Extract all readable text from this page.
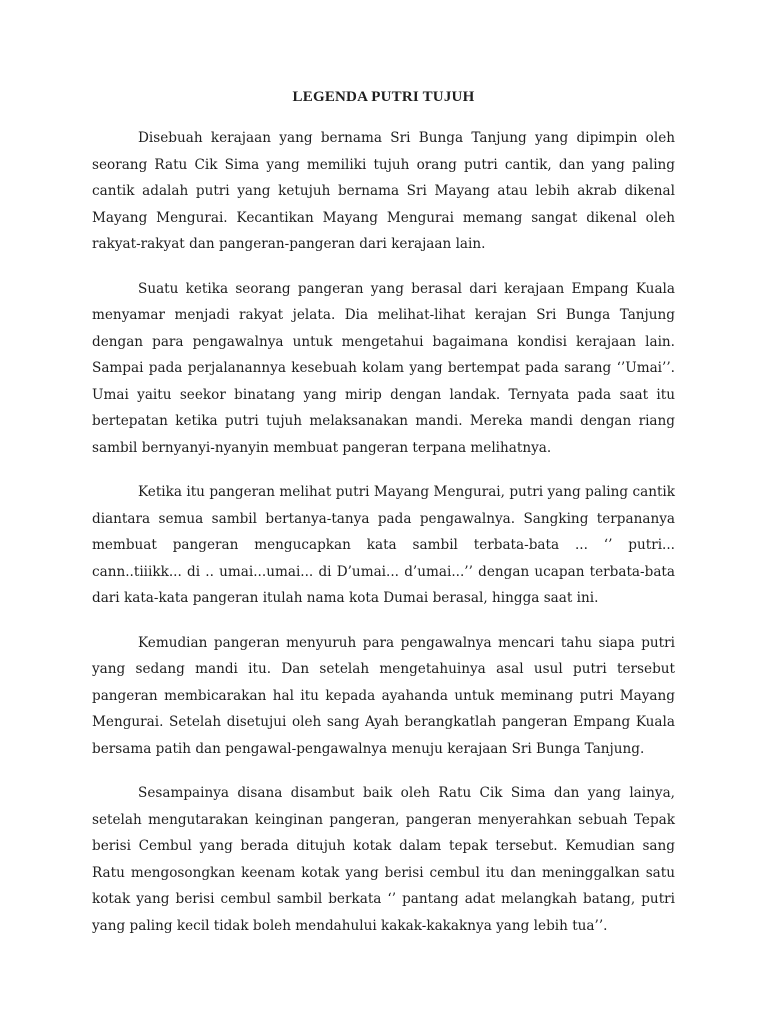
LEGENDA PUTRI TUJUH

Disebuah kerajaan yang bernama Sri Bunga Tanjung yang dipimpin oleh seorang Ratu Cik Sima yang memiliki tujuh orang putri cantik, dan yang paling cantik adalah putri yang ketujuh bernama Sri Mayang atau lebih akrab dikenal Mayang Mengurai. Kecantikan Mayang Mengurai memang sangat dikenal oleh rakyat-rakyat dan pangeran-pangeran dari kerajaan lain.

Suatu ketika seorang pangeran yang berasal dari kerajaan Empang Kuala menyamar menjadi rakyat jelata. Dia melihat-lihat kerajan Sri Bunga Tanjung dengan para pengawalnya untuk mengetahui bagaimana kondisi kerajaan lain. Sampai pada perjalanannya kesebuah kolam yang bertempat pada sarang ‘’Umai’’. Umai yaitu seekor binatang yang mirip dengan landak. Ternyata pada saat itu bertepatan ketika putri tujuh melaksanakan mandi. Mereka mandi dengan riang sambil bernyanyi-nyanyin membuat pangeran terpana melihatnya.

Ketika itu pangeran melihat putri Mayang Mengurai, putri yang paling cantik diantara semua sambil bertanya-tanya pada pengawalnya. Sangking terpananya membuat pangeran mengucapkan kata sambil terbata-bata ... ‘’ putri... cann..tiiikk... di .. umai...umai... di D’umai... d’umai...’’ dengan ucapan terbata-bata dari kata-kata pangeran itulah nama kota Dumai berasal, hingga saat ini.

Kemudian pangeran menyuruh para pengawalnya mencari tahu siapa putri yang sedang mandi itu. Dan setelah mengetahuinya asal usul putri tersebut pangeran membicarakan hal itu kepada ayahanda untuk meminang putri Mayang Mengurai. Setelah disetujui oleh sang Ayah berangkatlah pangeran Empang Kuala bersama patih dan pengawal-pengawalnya menuju kerajaan Sri Bunga Tanjung.

Sesampainya disana disambut baik oleh Ratu Cik Sima dan yang lainya, setelah mengutarakan keinginan pangeran, pangeran menyerahkan sebuah Tepak berisi Cembul yang berada ditujuh kotak dalam tepak tersebut. Kemudian sang Ratu mengosongkan keenam kotak yang berisi cembul itu dan meninggalkan satu kotak yang berisi cembul sambil berkata ‘’ pantang adat melangkah batang, putri yang paling kecil tidak boleh mendahului kakak-kakaknya yang lebih tua’’.
